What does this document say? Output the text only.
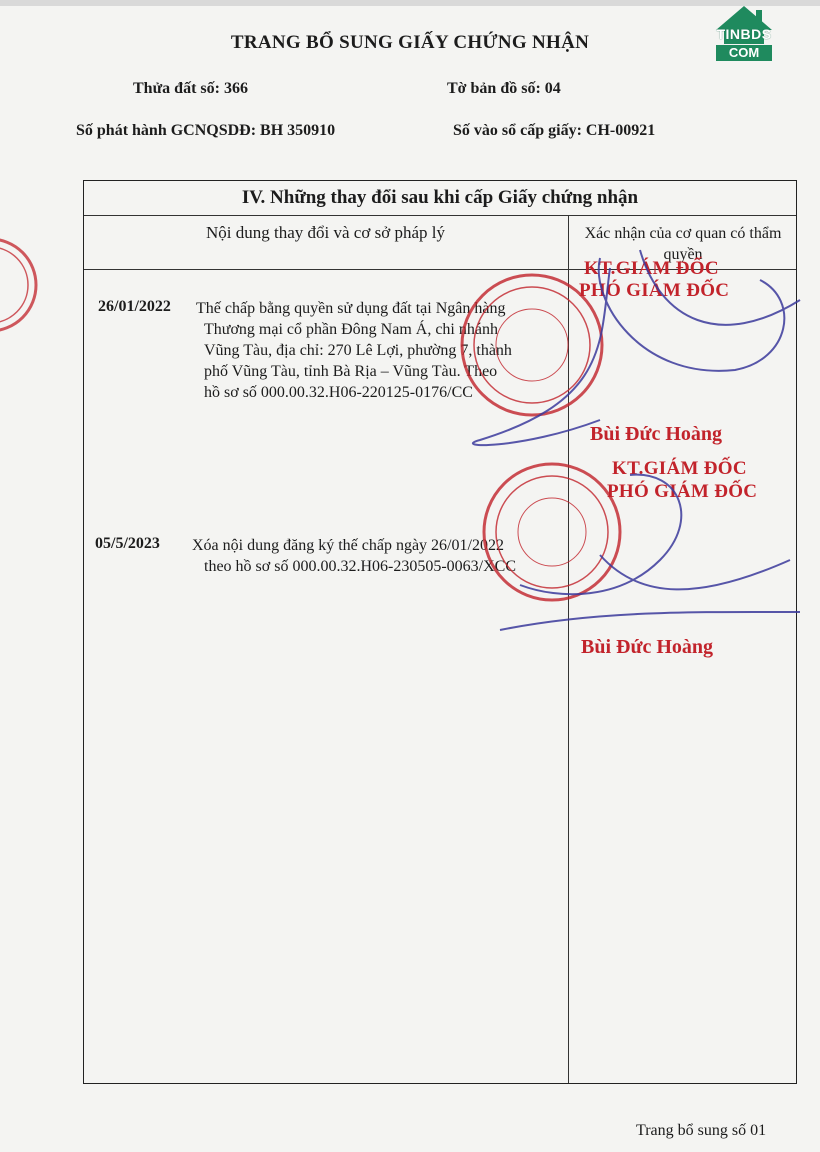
TRANG BỔ SUNG GIẤY CHỨNG NHẬN	TINBDS
COM
Thửa đất số: 366	Tờ bản đồ số: 04
Số phát hành GCNQSDĐ: BH 350910	Số vào sổ cấp giấy: CH-00921
IV. Những thay đổi sau khi cấp Giấy chứng nhận
Nội dung thay đổi và cơ sở pháp lý	Xác nhận của cơ quan có thẩm quyền
26/01/2022 Thế chấp bằng quyền sử dụng đất tại Ngân hàng
Thương mại cổ phần Đông Nam Á, chi nhánh
Vũng Tàu, địa chỉ: 270 Lê Lợi, phường 7, thành
phố Vũng Tàu, tỉnh Bà Rịa – Vũng Tàu. Theo
hồ sơ số 000.00.32.H06-220125-0176/CC
KT.GIÁM ĐỐC
PHÓ GIÁM ĐỐC
Bùi Đức Hoàng
05/5/2023 Xóa nội dung đăng ký thế chấp ngày 26/01/2022
theo hồ sơ số 000.00.32.H06-230505-0063/XCC
KT.GIÁM ĐỐC
PHÓ GIÁM ĐỐC
Bùi Đức Hoàng
Trang bổ sung số 01
